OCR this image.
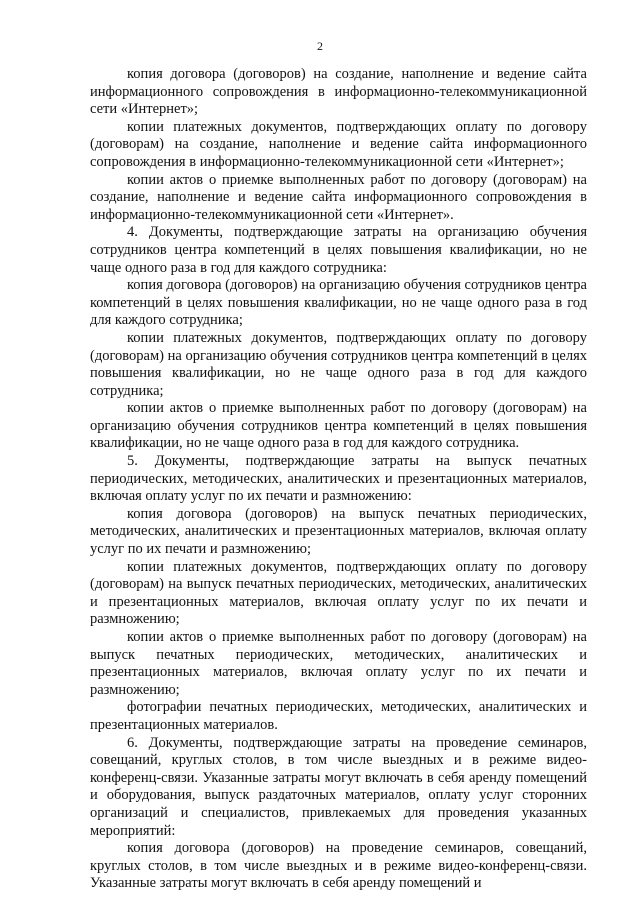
2

копия договора (договоров) на создание, наполнение и ведение сайта информационного сопровождения в информационно-телекоммуникационной сети «Интернет»;

копии платежных документов, подтверждающих оплату по договору (договорам) на создание, наполнение и ведение сайта информационного сопровождения в информационно-телекоммуникационной сети «Интернет»;

копии актов о приемке выполненных работ по договору (договорам) на создание, наполнение и ведение сайта информационного сопровождения в информационно-телекоммуникационной сети «Интернет».

4. Документы, подтверждающие затраты на организацию обучения сотрудников центра компетенций в целях повышения квалификации, но не чаще одного раза в год для каждого сотрудника:

копия договора (договоров) на организацию обучения сотрудников центра компетенций в целях повышения квалификации, но не чаще одного раза в год для каждого сотрудника;

копии платежных документов, подтверждающих оплату по договору (договорам) на организацию обучения сотрудников центра компетенций в целях повышения квалификации, но не чаще одного раза в год для каждого сотрудника;

копии актов о приемке выполненных работ по договору (договорам) на организацию обучения сотрудников центра компетенций в целях повышения квалификации, но не чаще одного раза в год для каждого сотрудника.

5. Документы, подтверждающие затраты на выпуск печатных периодических, методических, аналитических и презентационных материалов, включая оплату услуг по их печати и размножению:

копия договора (договоров) на выпуск печатных периодических, методических, аналитических и презентационных материалов, включая оплату услуг по их печати и размножению;

копии платежных документов, подтверждающих оплату по договору (договорам) на выпуск печатных периодических, методических, аналитических и презентационных материалов, включая оплату услуг по их печати и размножению;

копии актов о приемке выполненных работ по договору (договорам) на выпуск печатных периодических, методических, аналитических и презентационных материалов, включая оплату услуг по их печати и размножению;

фотографии печатных периодических, методических, аналитических и презентационных материалов.

6. Документы, подтверждающие затраты на проведение семинаров, совещаний, круглых столов, в том числе выездных и в режиме видео-конференц-связи. Указанные затраты могут включать в себя аренду помещений и оборудования, выпуск раздаточных материалов, оплату услуг сторонних организаций и специалистов, привлекаемых для проведения указанных мероприятий:

копия договора (договоров) на проведение семинаров, совещаний, круглых столов, в том числе выездных и в режиме видео-конференц-связи. Указанные затраты могут включать в себя аренду помещений и
